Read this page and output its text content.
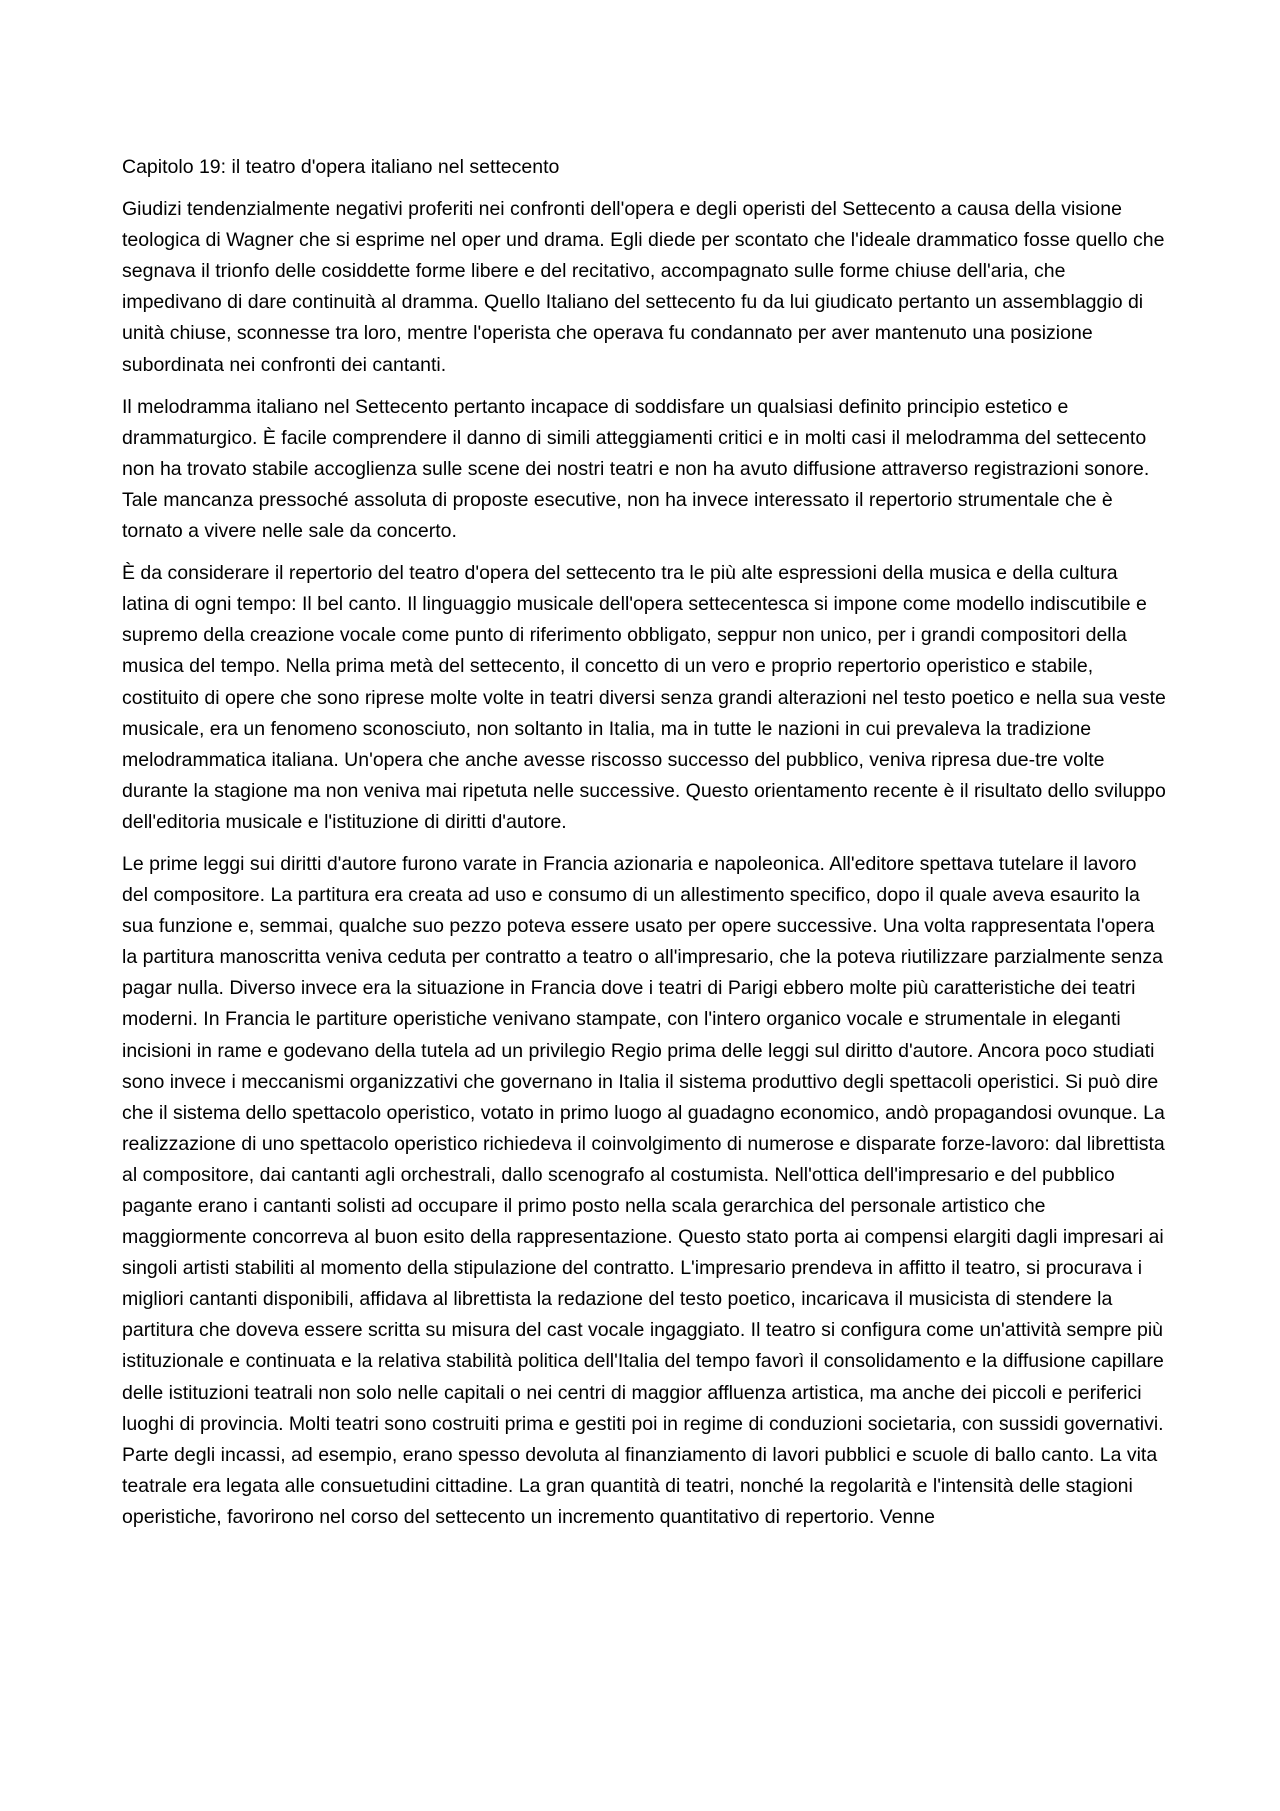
Capitolo 19: il teatro d'opera italiano nel settecento

Giudizi tendenzialmente negativi proferiti nei confronti dell'opera e degli operisti del Settecento a causa della visione teologica di Wagner che si esprime nel oper und drama. Egli diede per scontato che l'ideale drammatico fosse quello che segnava il trionfo delle cosiddette forme libere e del recitativo, accompagnato sulle forme chiuse dell'aria, che impedivano di dare continuità al dramma. Quello Italiano del settecento fu da lui giudicato pertanto un assemblaggio di unità chiuse, sconnesse tra loro, mentre l'operista che operava fu condannato per aver mantenuto una posizione subordinata nei confronti dei cantanti.

Il melodramma italiano nel Settecento pertanto incapace di soddisfare un qualsiasi definito principio estetico e drammaturgico. È facile comprendere il danno di simili atteggiamenti critici e in molti casi il melodramma del settecento non ha trovato stabile accoglienza sulle scene dei nostri teatri e non ha avuto diffusione attraverso registrazioni sonore. Tale mancanza pressoché assoluta di proposte esecutive, non ha invece interessato il repertorio strumentale che è tornato a vivere nelle sale da concerto.

È da considerare il repertorio del teatro d'opera del settecento tra le più alte espressioni della musica e della cultura latina di ogni tempo: Il bel canto. Il linguaggio musicale dell'opera settecentesca si impone come modello indiscutibile e supremo della creazione vocale come punto di riferimento obbligato, seppur non unico, per i grandi compositori della musica del tempo. Nella prima metà del settecento, il concetto di un vero e proprio repertorio operistico e stabile, costituito di opere che sono riprese molte volte in teatri diversi senza grandi alterazioni nel testo poetico e nella sua veste musicale, era un fenomeno sconosciuto, non soltanto in Italia, ma in tutte le nazioni in cui prevaleva la tradizione melodrammatica italiana. Un'opera che anche avesse riscosso successo del pubblico, veniva ripresa due-tre volte durante la stagione ma non veniva mai ripetuta nelle successive. Questo orientamento recente è il risultato dello sviluppo dell'editoria musicale e l'istituzione di diritti d'autore.

Le prime leggi sui diritti d'autore furono varate in Francia azionaria e napoleonica. All'editore spettava tutelare il lavoro del compositore. La partitura era creata ad uso e consumo di un allestimento specifico, dopo il quale aveva esaurito la sua funzione e, semmai, qualche suo pezzo poteva essere usato per opere successive. Una volta rappresentata l'opera la partitura manoscritta veniva ceduta per contratto a teatro o all'impresario, che la poteva riutilizzare parzialmente senza pagar nulla. Diverso invece era la situazione in Francia dove i teatri di Parigi ebbero molte più caratteristiche dei teatri moderni. In Francia le partiture operistiche venivano stampate, con l'intero organico vocale e strumentale in eleganti incisioni in rame e godevano della tutela ad un privilegio Regio prima delle leggi sul diritto d'autore. Ancora poco studiati sono invece i meccanismi organizzativi che governano in Italia il sistema produttivo degli spettacoli operistici. Si può dire che il sistema dello spettacolo operistico, votato in primo luogo al guadagno economico, andò propagandosi ovunque. La realizzazione di uno spettacolo operistico richiedeva il coinvolgimento di numerose e disparate forze-lavoro: dal librettista al compositore, dai cantanti agli orchestrali, dallo scenografo al costumista. Nell'ottica dell'impresario e del pubblico pagante erano i cantanti solisti ad occupare il primo posto nella scala gerarchica del personale artistico che maggiormente concorreva al buon esito della rappresentazione. Questo stato porta ai compensi elargiti dagli impresari ai singoli artisti stabiliti al momento della stipulazione del contratto. L'impresario prendeva in affitto il teatro, si procurava i migliori cantanti disponibili, affidava al librettista la redazione del testo poetico, incaricava il musicista di stendere la partitura che doveva essere scritta su misura del cast vocale ingaggiato. Il teatro si configura come un'attività sempre più istituzionale e continuata e la relativa stabilità politica dell'Italia del tempo favorì il consolidamento e la diffusione capillare delle istituzioni teatrali non solo nelle capitali o nei centri di maggior affluenza artistica, ma anche dei piccoli e periferici luoghi di provincia. Molti teatri sono costruiti prima e gestiti poi in regime di conduzioni societaria, con sussidi governativi. Parte degli incassi, ad esempio, erano spesso devoluta al finanziamento di lavori pubblici e scuole di ballo canto. La vita teatrale era legata alle consuetudini cittadine. La gran quantità di teatri, nonché la regolarità e l'intensità delle stagioni operistiche, favorirono nel corso del settecento un incremento quantitativo di repertorio. Venne
